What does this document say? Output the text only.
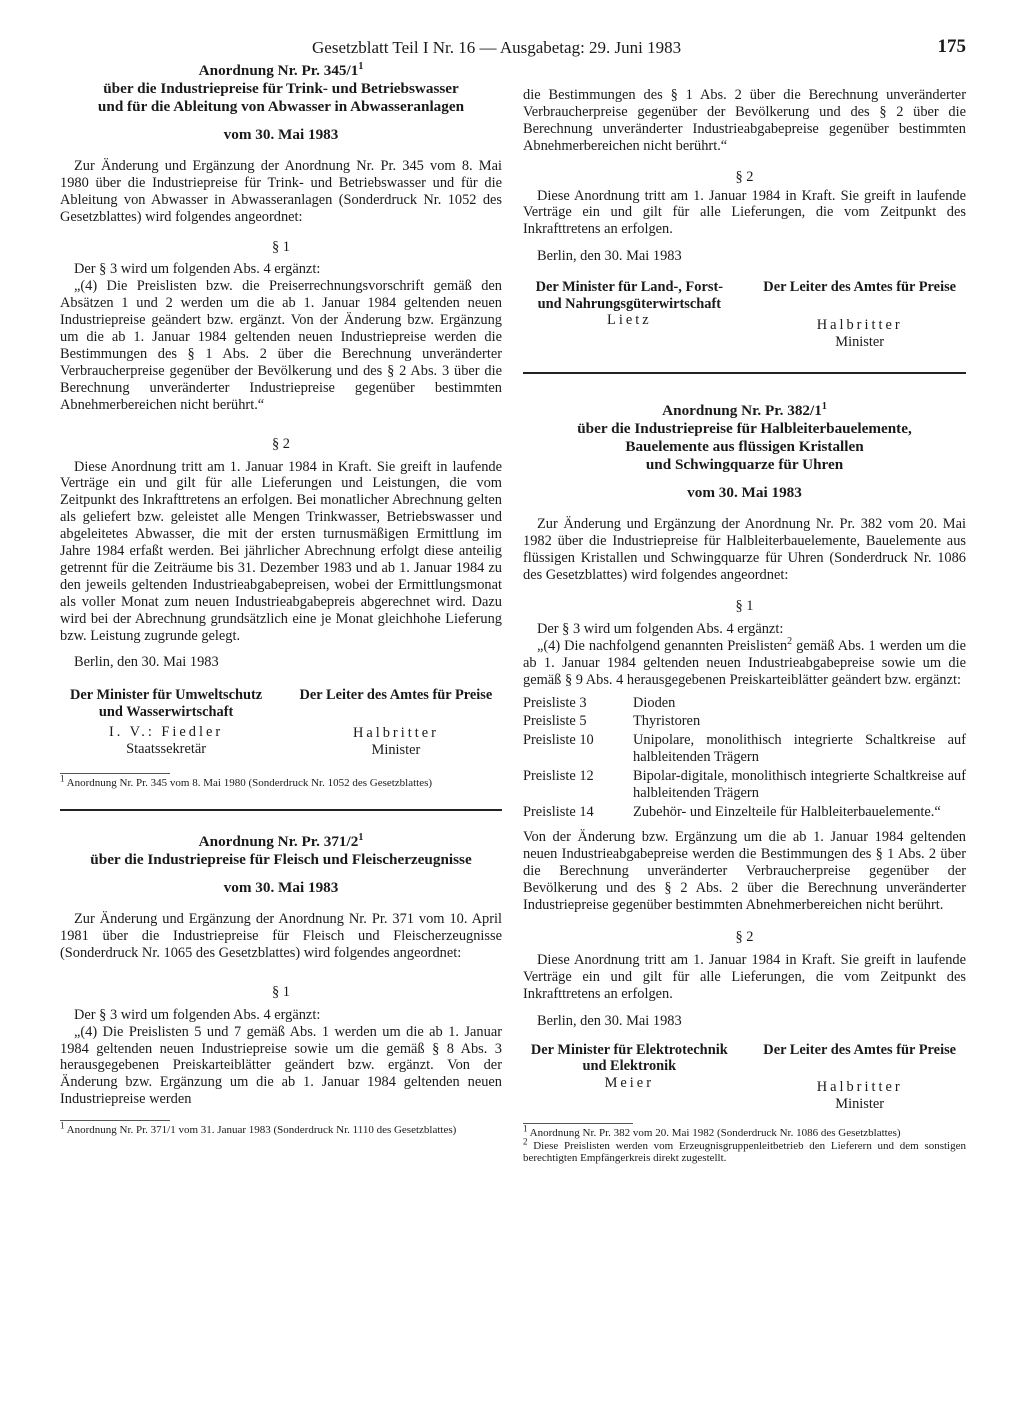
Gesetzblatt Teil I Nr. 16 — Ausgabetag: 29. Juni 1983	175
Anordnung Nr. Pr. $345/1^1$
über die Industriepreise für Trink- und Betriebswasser
und für die Ableitung von Abwasser in Abwasseranlagen
vom 30. Mai 1983

Zur Änderung und Ergänzung der Anordnung Nr. Pr. 345 vom 8. Mai 1980 über die Industriepreise für Trink- und Betriebswasser und für die Ableitung von Abwasser in Abwasseranlagen (Sonderdruck Nr. 1052 des Gesetzblattes) wird folgendes angeordnet:

§ 1

Der § 3 wird um folgenden Abs. 4 ergänzt:

„(4) Die Preislisten bzw. die Preiserrechnungsvorschrift gemäß den Absätzen 1 und 2 werden um die ab 1. Januar 1984 geltenden neuen Industriepreise geändert bzw. ergänzt. Von der Änderung bzw. Ergänzung um die ab 1. Januar 1984 geltenden neuen Industriepreise werden die Bestimmungen des § 1 Abs. 2 über die Berechnung unveränderter Verbraucherpreise gegenüber der Bevölkerung und des § 2 Abs. 3 über die Berechnung unveränderter Industriepreise gegenüber bestimmten Abnehmerbereichen nicht berührt.“

§ 2

Diese Anordnung tritt am 1. Januar 1984 in Kraft. Sie greift in laufende Verträge ein und gilt für alle Lieferungen und Leistungen, die vom Zeitpunkt des Inkrafttretens an erfolgen. Bei monatlicher Abrechnung gelten als geliefert bzw. geleistet alle Mengen Trinkwasser, Betriebswasser und abgeleitetes Abwasser, die mit der ersten turnusmäßigen Ermittlung im Jahre 1984 erfaßt werden. Bei jährlicher Abrechnung erfolgt diese anteilig getrennt für die Zeiträume bis 31. Dezember 1983 und ab 1. Januar 1984 zu den jeweils geltenden Industrieabgabepreisen, wobei der Ermittlungsmonat als voller Monat zum neuen Industrieabgabepreis abgerechnet wird. Dazu wird bei der Abrechnung grundsätzlich eine je Monat gleichhohe Lieferung bzw. Leistung zugrunde gelegt.

Berlin, den 30. Mai 1983

Der Minister für Umweltschutz und Wasserwirtschaft
I. V.: Fiedler
Staatssekretär
Der Leiter des Amtes für Preise
Halbritter
Minister
$^1$ Anordnung Nr. Pr. 345 vom 8. Mai 1980 (Sonderdruck Nr. 1052 des Gesetzblattes)
Anordnung Nr. Pr. $371/2^1$
über die Industriepreise für Fleisch und Fleischerzeugnisse
vom 30. Mai 1983

Zur Änderung und Ergänzung der Anordnung Nr. Pr. 371 vom 10. April 1981 über die Industriepreise für Fleisch und Fleischerzeugnisse (Sonderdruck Nr. 1065 des Gesetzblattes) wird folgendes angeordnet:

§ 1

Der § 3 wird um folgenden Abs. 4 ergänzt:

„(4) Die Preislisten 5 und 7 gemäß Abs. 1 werden um die ab 1. Januar 1984 geltenden neuen Industriepreise sowie um die gemäß § 8 Abs. 3 herausgegebenen Preiskarteiblätter geändert bzw. ergänzt. Von der Änderung bzw. Ergänzung um die ab 1. Januar 1984 geltenden neuen Industriepreise werden

$^1$ Anordnung Nr. Pr. 371/1 vom 31. Januar 1983 (Sonderdruck Nr. 1110 des Gesetzblattes)

die Bestimmungen des § 1 Abs. 2 über die Berechnung unveränderter Verbraucherpreise gegenüber der Bevölkerung und des § 2 über die Berechnung unveränderter Industrieabgabepreise gegenüber bestimmten Abnehmerbereichen nicht berührt.“

§ 2

Diese Anordnung tritt am 1. Januar 1984 in Kraft. Sie greift in laufende Verträge ein und gilt für alle Lieferungen, die vom Zeitpunkt des Inkrafttretens an erfolgen.

Berlin, den 30. Mai 1983

Der Minister für Land-, Forst- und Nahrungsgüterwirtschaft
Lietz
Der Leiter des Amtes für Preise
Halbritter
Minister
Anordnung Nr. Pr. $382/1^1$
über die Industriepreise für Halbleiterbauelemente,
Bauelemente aus flüssigen Kristallen
und Schwingquarze für Uhren
vom 30. Mai 1983

Zur Änderung und Ergänzung der Anordnung Nr. Pr. 382 vom 20. Mai 1982 über die Industriepreise für Halbleiterbauelemente, Bauelemente aus flüssigen Kristallen und Schwingquarze für Uhren (Sonderdruck Nr. 1086 des Gesetzblattes) wird folgendes angeordnet:

§ 1

Der § 3 wird um folgenden Abs. 4 ergänzt:

„(4) Die nachfolgend genannten Preislisten$^2$ gemäß Abs. 1 werden um die ab 1. Januar 1984 geltenden neuen Industrieabgabepreise sowie um die gemäß § 9 Abs. 4 herausgegebenen Preiskarteiblätter geändert bzw. ergänzt:

Preisliste 3	Dioden
Preisliste 5	Thyristoren
Preisliste 10	Unipolare, monolithisch integrierte Schaltkreise auf halbleitenden Trägern
Preisliste 12	Bipolar-digitale, monolithisch integrierte Schaltkreise auf halbleitenden Trägern
Preisliste 14	Zubehör- und Einzelteile für Halbleiterbauelemente.“

Von der Änderung bzw. Ergänzung um die ab 1. Januar 1984 geltenden neuen Industrieabgabepreise werden die Bestimmungen des § 1 Abs. 2 über die Berechnung unveränderter Verbraucherpreise gegenüber der Bevölkerung und des § 2 Abs. 2 über die Berechnung unveränderter Industriepreise gegenüber bestimmten Abnehmerbereichen nicht berührt.

§ 2

Diese Anordnung tritt am 1. Januar 1984 in Kraft. Sie greift in laufende Verträge ein und gilt für alle Lieferungen, die vom Zeitpunkt des Inkrafttretens an erfolgen.

Berlin, den 30. Mai 1983

Der Minister für Elektrotechnik und Elektronik
Meier
Der Leiter des Amtes für Preise
Halbritter
Minister
$^1$ Anordnung Nr. Pr. 382 vom 20. Mai 1982 (Sonderdruck Nr. 1086 des Gesetzblattes)
$^2$ Diese Preislisten werden vom Erzeugnisgruppenleitbetrieb den Lieferern und dem sonstigen berechtigten Empfängerkreis direkt zugestellt.
